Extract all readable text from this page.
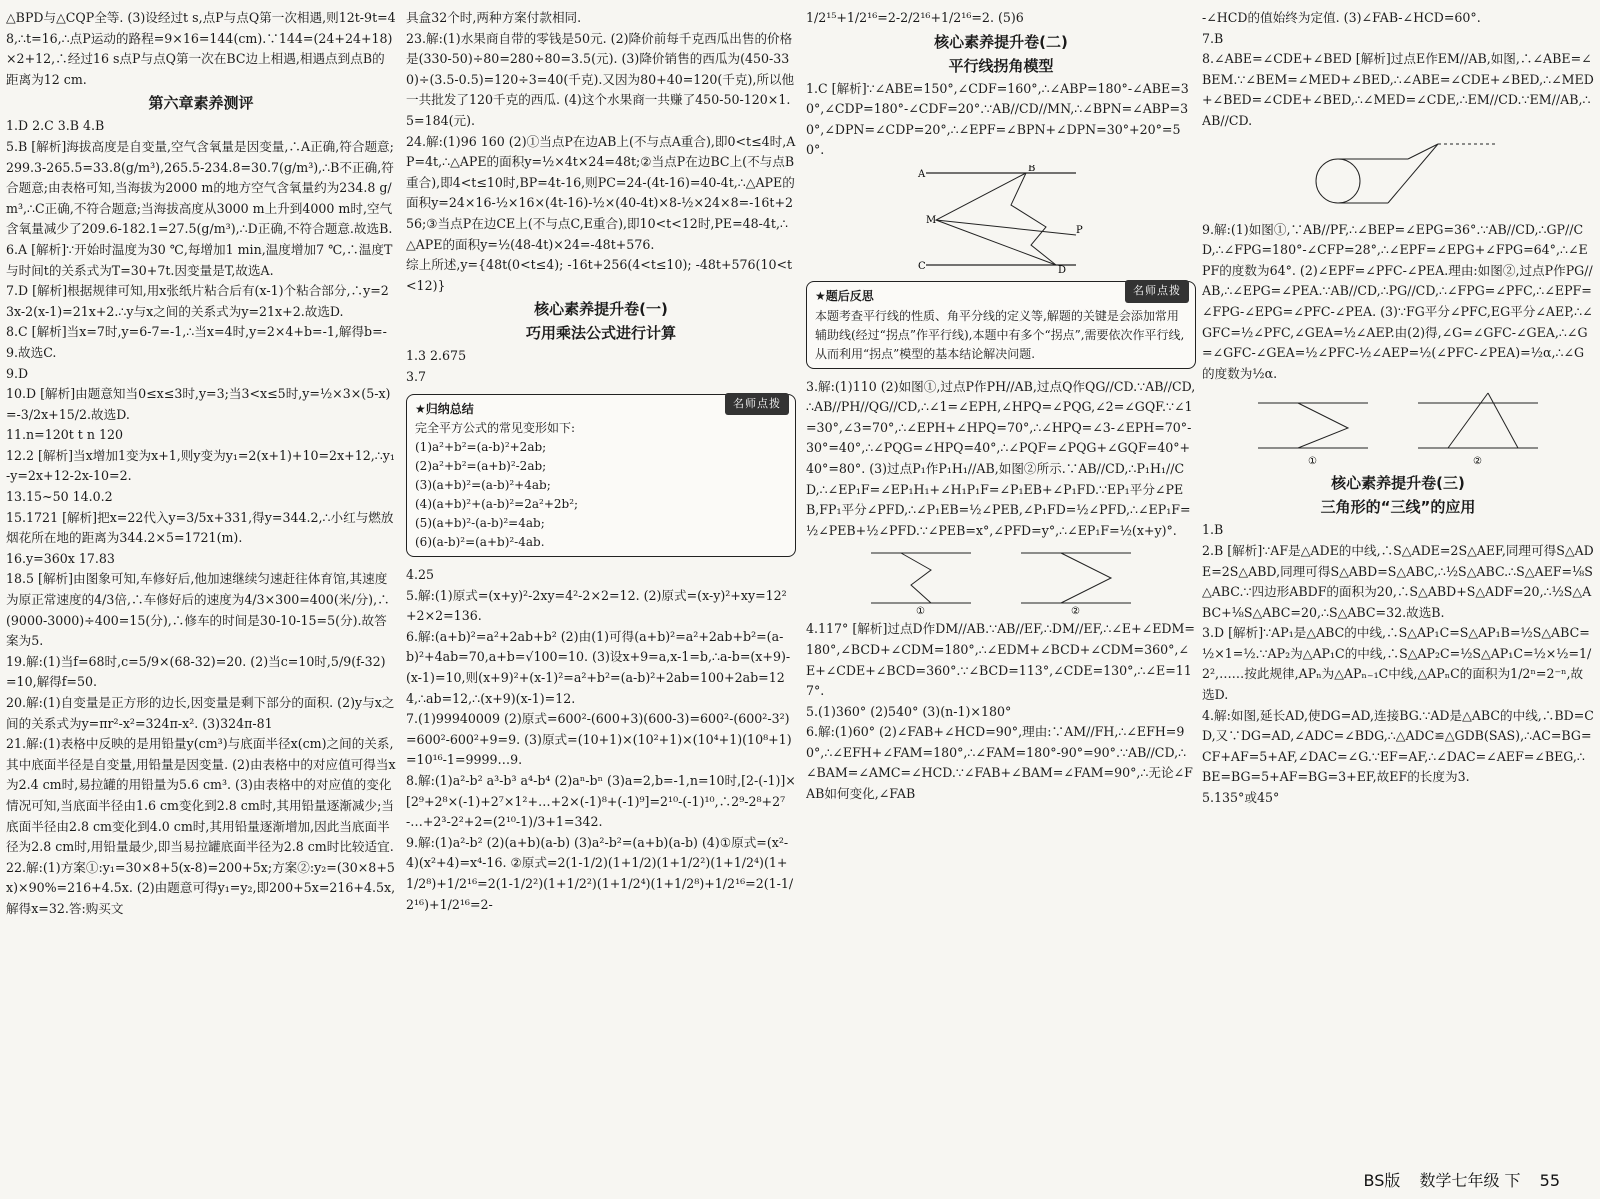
△BPD与△CQP全等. (3)设经过t s,点P与点Q第一次相遇,则12t-9t=48,∴t=16,∴点P运动的路程=9×16=144(cm).∵144=(24+24+18)×2+12,∴经过16 s点P与点Q第一次在BC边上相遇,相遇点到点B的距离为12 cm.

第六章素养测评

1.D 2.C 3.B 4.B

5.B [解析]海拔高度是自变量,空气含氧量是因变量,∴A正确,符合题意;299.3-265.5=33.8(g/m³),265.5-234.8=30.7(g/m³),∴B不正确,符合题意;由表格可知,当海拔为2000 m的地方空气含氧量约为234.8 g/m³,∴C正确,不符合题意;当海拔高度从3000 m上升到4000 m时,空气含氧量减少了209.6-182.1=27.5(g/m³),∴D正确,不符合题意.故选B.

6.A [解析]∵开始时温度为30 ℃,每增加1 min,温度增加7 ℃,∴温度T与时间t的关系式为T=30+7t.因变量是T,故选A.

7.D [解析]根据规律可知,用x张纸片粘合后有(x-1)个粘合部分,∴y=23x-2(x-1)=21x+2.∴y与x之间的关系式为y=21x+2.故选D.

8.C [解析]当x=7时,y=6-7=-1,∴当x=4时,y=2×4+b=-1,解得b=-9.故选C.

9.D

10.D [解析]由题意知当0≤x≤3时,y=3;当3<x≤5时,y=½×3×(5-x)=-3/2x+15/2.故选D.

11.n=120t t n 120

12.2 [解析]当x增加1变为x+1,则y变为y₁=2(x+1)+10=2x+12,∴y₁-y=2x+12-2x-10=2.

13.15~50 14.0.2

15.1721 [解析]把x=22代入y=3/5x+331,得y=344.2,∴小红与燃放烟花所在地的距离为344.2×5=1721(m).

16.y=360x 17.83

18.5 [解析]由图象可知,车修好后,他加速继续匀速赶往体育馆,其速度为原正常速度的4/3倍,∴车修好后的速度为4/3×300=400(米/分),∴(9000-3000)÷400=15(分),∴修车的时间是30-10-15=5(分).故答案为5.

19.解:(1)当f=68时,c=5/9×(68-32)=20. (2)当c=10时,5/9(f-32)=10,解得f=50.

20.解:(1)自变量是正方形的边长,因变量是剩下部分的面积. (2)y与x之间的关系式为y=πr²-x²=324π-x². (3)324π-81

21.解:(1)表格中反映的是用铅量y(cm³)与底面半径x(cm)之间的关系,其中底面半径是自变量,用铅量是因变量. (2)由表格中的对应值可得当x为2.4 cm时,易拉罐的用铅量为5.6 cm³. (3)由表格中的对应值的变化情况可知,当底面半径由1.6 cm变化到2.8 cm时,其用铅量逐渐减少;当底面半径由2.8 cm变化到4.0 cm时,其用铅量逐渐增加,因此当底面半径为2.8 cm时,用铅量最少,即当易拉罐底面半径为2.8 cm时比较适宜.

22.解:(1)方案①:y₁=30×8+5(x-8)=200+5x;方案②:y₂=(30×8+5x)×90%=216+4.5x. (2)由题意可得y₁=y₂,即200+5x=216+4.5x,解得x=32.答:购买文

具盒32个时,两种方案付款相同.

23.解:(1)水果商自带的零钱是50元. (2)降价前每千克西瓜出售的价格是(330-50)÷80=280÷80=3.5(元). (3)降价销售的西瓜为(450-330)÷(3.5-0.5)=120÷3=40(千克).又因为80+40=120(千克),所以他一共批发了120千克的西瓜. (4)这个水果商一共赚了450-50-120×1.5=184(元).

24.解:(1)96 160 (2)①当点P在边AB上(不与点A重合),即0<t≤4时,AP=4t,∴△APE的面积y=½×4t×24=48t;②当点P在边BC上(不与点B重合),即4<t≤10时,BP=4t-16,则PC=24-(4t-16)=40-4t,∴△APE的面积y=24×16-½×16×(4t-16)-½×(40-4t)×8-½×24×8=-16t+256;③当点P在边CE上(不与点C,E重合),即10<t<12时,PE=48-4t,∴△APE的面积y=½(48-4t)×24=-48t+576.

综上所述,y={48t(0<t≤4); -16t+256(4<t≤10); -48t+576(10<t<12)}

核心素养提升卷(一)
巧用乘法公式进行计算

1.3 2.675

3.7

名师点拨
★归纳总结

完全平方公式的常见变形如下:

(1)a²+b²=(a-b)²+2ab;

(2)a²+b²=(a+b)²-2ab;

(3)(a+b)²=(a-b)²+4ab;

(4)(a+b)²+(a-b)²=2a²+2b²;

(5)(a+b)²-(a-b)²=4ab;

(6)(a-b)²=(a+b)²-4ab.

4.25

5.解:(1)原式=(x+y)²-2xy=4²-2×2=12. (2)原式=(x-y)²+xy=12²+2×2=136.

6.解:(a+b)²=a²+2ab+b² (2)由(1)可得(a+b)²=a²+2ab+b²=(a-b)²+4ab=70,a+b=√100=10. (3)设x+9=a,x-1=b,∴a-b=(x+9)-(x-1)=10,则(x+9)²+(x-1)²=a²+b²=(a-b)²+2ab=100+2ab=124,∴ab=12,∴(x+9)(x-1)=12.

7.(1)99940009 (2)原式=600²-(600+3)(600-3)=600²-(600²-3²)=600²-600²+9=9. (3)原式=(10+1)×(10²+1)×(10⁴+1)(10⁸+1)=10¹⁶-1=9999…9.

8.解:(1)a²-b² a³-b³ a⁴-b⁴ (2)aⁿ-bⁿ (3)a=2,b=-1,n=10时,[2-(-1)]×[2⁹+2⁸×(-1)+2⁷×1²+…+2×(-1)⁸+(-1)⁹]=2¹⁰-(-1)¹⁰,∴2⁹-2⁸+2⁷-…+2³-2²+2=(2¹⁰-1)/3+1=342.

9.解:(1)a²-b² (2)(a+b)(a-b) (3)a²-b²=(a+b)(a-b) (4)①原式=(x²-4)(x²+4)=x⁴-16. ②原式=2(1-1/2)(1+1/2)(1+1/2²)(1+1/2⁴)(1+1/2⁸)+1/2¹⁶=2(1-1/2²)(1+1/2²)(1+1/2⁴)(1+1/2⁸)+1/2¹⁶=2(1-1/2¹⁶)+1/2¹⁶=2-

1/2¹⁵+1/2¹⁶=2-2/2¹⁶+1/2¹⁶=2. (5)6

核心素养提升卷(二)
平行线拐角模型

1.C [解析]∵∠ABE=150°,∠CDF=160°,∴∠ABP=180°-∠ABE=30°,∠CDP=180°-∠CDF=20°.∵AB//CD//MN,∴∠BPN=∠ABP=30°,∠DPN=∠CDP=20°,∴∠EPF=∠BPN+∠DPN=30°+20°=50°.

A
B
C	D
M
P
名师点拨
★题后反思

本题考查平行线的性质、角平分线的定义等,解题的关键是会添加常用辅助线(经过“拐点”作平行线),本题中有多个“拐点”,需要依次作平行线,从而利用“拐点”模型的基本结论解决问题.

3.解:(1)110 (2)如图①,过点P作PH//AB,过点Q作QG//CD.∵AB//CD,∴AB//PH//QG//CD,∴∠1=∠EPH,∠HPQ=∠PQG,∠2=∠GQF.∵∠1=30°,∠3=70°,∴∠EPH+∠HPQ=70°,∴∠HPQ=∠3-∠EPH=70°-30°=40°,∴∠PQG=∠HPQ=40°,∴∠PQF=∠PQG+∠GQF=40°+40°=80°. (3)过点P₁作P₁H₁//AB,如图②所示.∵AB//CD,∴P₁H₁//CD,∴∠EP₁F=∠EP₁H₁+∠H₁P₁F=∠P₁EB+∠P₁FD.∵EP₁平分∠PEB,FP₁平分∠PFD,∴∠P₁EB=½∠PEB,∠P₁FD=½∠PFD,∴∠EP₁F=½∠PEB+½∠PFD.∵∠PEB=x°,∠PFD=y°,∴∠EP₁F=½(x+y)°.

①	②

4.117° [解析]过点D作DM//AB.∵AB//EF,∴DM//EF,∴∠E+∠EDM=180°,∠BCD+∠CDM=180°,∴∠EDM+∠BCD+∠CDM=360°,∠E+∠CDE+∠BCD=360°.∵∠BCD=113°,∠CDE=130°,∴∠E=117°.

5.(1)360° (2)540° (3)(n-1)×180°

6.解:(1)60° (2)∠FAB+∠HCD=90°,理由:∵AM//FH,∴∠EFH=90°,∴∠EFH+∠FAM=180°,∴∠FAM=180°-90°=90°.∵AB//CD,∴∠BAM=∠AMC=∠HCD.∵∠FAB+∠BAM=∠FAM=90°,∴无论∠FAB如何变化,∠FAB

-∠HCD的值始终为定值. (3)∠FAB-∠HCD=60°.

7.B

8.∠ABE=∠CDE+∠BED [解析]过点E作EM//AB,如图,∴∠ABE=∠BEM.∵∠BEM=∠MED+∠BED,∴∠ABE=∠CDE+∠BED,∴∠MED+∠BED=∠CDE+∠BED,∴∠MED=∠CDE,∴EM//CD.∵EM//AB,∴AB//CD.

9.解:(1)如图①,∵AB//PF,∴∠BEP=∠EPG=36°.∵AB//CD,∴GP//CD,∴∠FPG=180°-∠CFP=28°,∴∠EPF=∠EPG+∠FPG=64°,∴∠EPF的度数为64°. (2)∠EPF=∠PFC-∠PEA.理由:如图②,过点P作PG//AB,∴∠EPG=∠PEA.∵AB//CD,∴PG//CD,∴∠FPG=∠PFC,∴∠EPF=∠FPG-∠EPG=∠PFC-∠PEA. (3)∵FG平分∠PFC,EG平分∠AEP,∴∠GFC=½∠PFC,∠GEA=½∠AEP.由(2)得,∠G=∠GFC-∠GEA,∴∠G=∠GFC-∠GEA=½∠PFC-½∠AEP=½(∠PFC-∠PEA)=½α,∴∠G的度数为½α.

①	②
核心素养提升卷(三)
三角形的“三线”的应用

1.B

2.B [解析]∵AF是△ADE的中线,∴S△ADE=2S△AEF,同理可得S△ADE=2S△ABD,同理可得S△ABD=S△ABC,∴½S△ABC.∴S△AEF=⅛S△ABC.∵四边形ABDF的面积为20,∴S△ABD+S△ADF=20,∴½S△ABC+⅛S△ABC=20,∴S△ABC=32.故选B.

3.D [解析]∵AP₁是△ABC的中线,∴S△AP₁C=S△AP₁B=½S△ABC=½×1=½.∵AP₂为△AP₁C的中线,∴S△AP₂C=½S△AP₁C=½×½=1/2²,……按此规律,APₙ为△APₙ₋₁C中线,△APₙC的面积为1/2ⁿ=2⁻ⁿ,故选D.

4.解:如图,延长AD,使DG=AD,连接BG.∵AD是△ABC的中线,∴BD=CD,又∵DG=AD,∠ADC=∠BDG,∴△ADC≌△GDB(SAS),∴AC=BG=CF+AF=5+AF,∠DAC=∠G.∵EF=AF,∴∠DAC=∠AEF=∠BEG,∴BE=BG=5+AF=BG=3+EF,故EF的长度为3.

5.135°或45°

BS版 数学七年级 下 55
